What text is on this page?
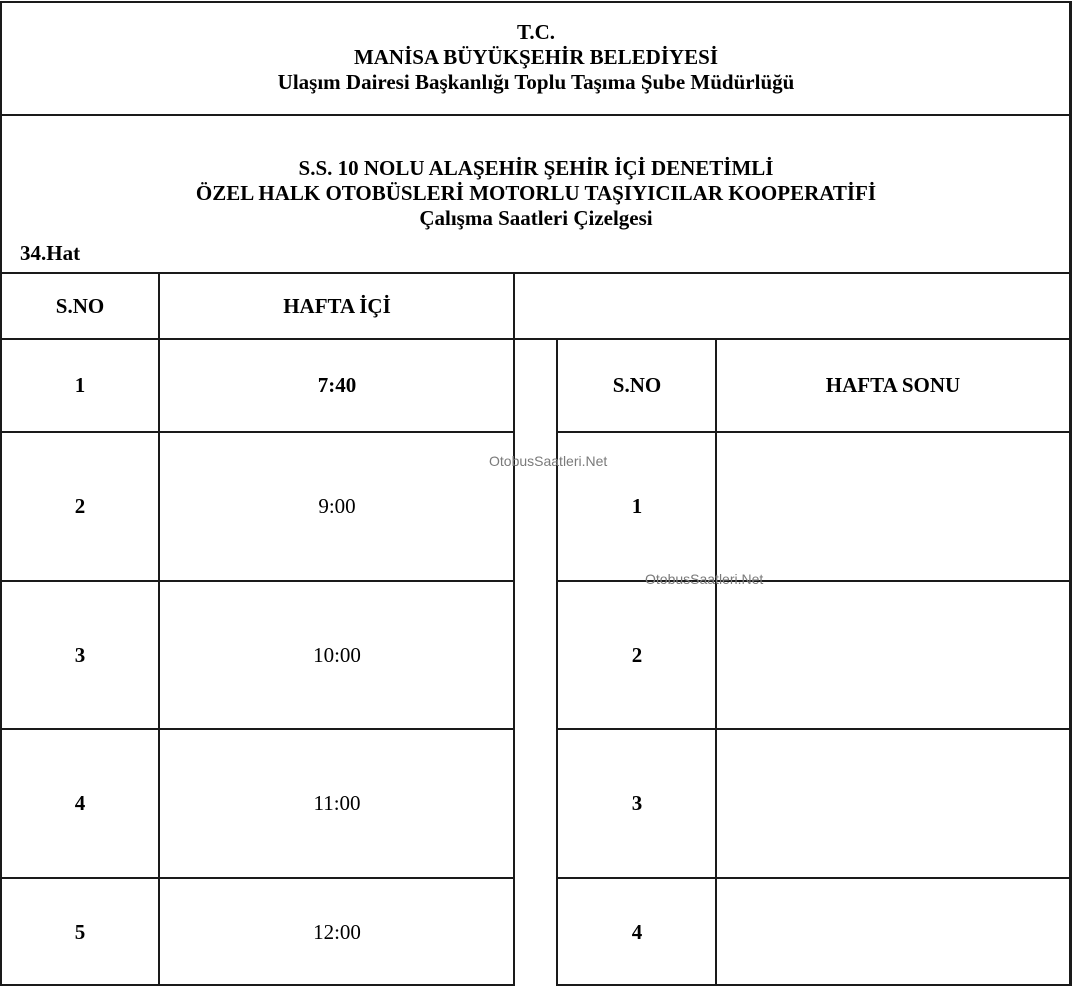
T.C.
MANİSA BÜYÜKŞEHİR BELEDİYESİ
Ulaşım Dairesi Başkanlığı Toplu Taşıma Şube Müdürlüğü
S.S. 10 NOLU ALAŞEHİR ŞEHİR İÇİ DENETİMLİ
ÖZEL HALK OTOBÜSLERİ MOTORLU TAŞIYICILAR KOOPERATİFİ
Çalışma Saatleri Çizelgesi
34.Hat
S.NO	HAFTA İÇİ
1	7:40
2	9:00
3	10:00
4	11:00
5	12:00
S.NO	HAFTA SONU
1
2
3
4
OtobusSaatleri.Net
OtobusSaatleri.Net
